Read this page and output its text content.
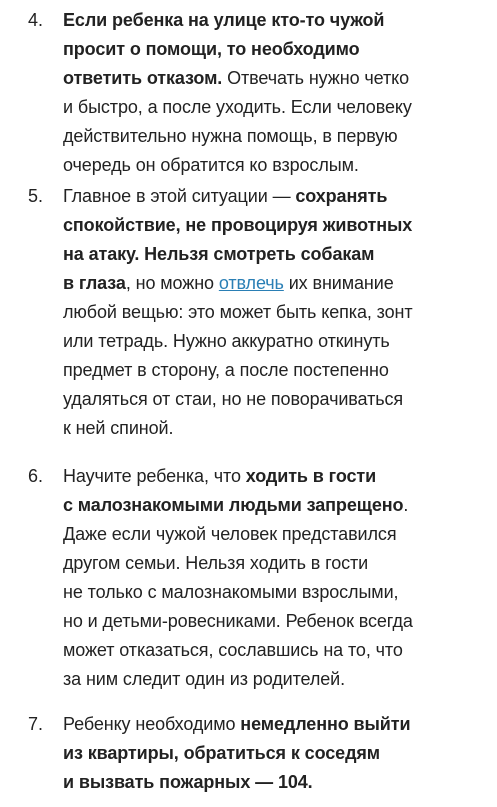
4. Если ребенка на улице кто-то чужой
просит о помощи, то необходимо
ответить отказом. Отвечать нужно четко
и быстро, а после уходить. Если человеку
действительно нужна помощь, в первую
очередь он обратится ко взрослым.
5. Главное в этой ситуации — сохранять
спокойствие, не провоцируя животных
на атаку. Нельзя смотреть собакам
в глаза, но можно отвлечь их внимание
любой вещью: это может быть кепка, зонт
или тетрадь. Нужно аккуратно откинуть
предмет в сторону, а после постепенно
удаляться от стаи, но не поворачиваться
к ней спиной.
6. Научите ребенка, что ходить в гости
с малознакомыми людьми запрещено.
Даже если чужой человек представился
другом семьи. Нельзя ходить в гости
не только с малознакомыми взрослыми,
но и детьми-ровесниками. Ребенок всегда
может отказаться, сославшись на то, что
за ним следит один из родителей.
7. Ребенку необходимо немедленно выйти
из квартиры, обратиться к соседям
и вызвать пожарных — 104.
